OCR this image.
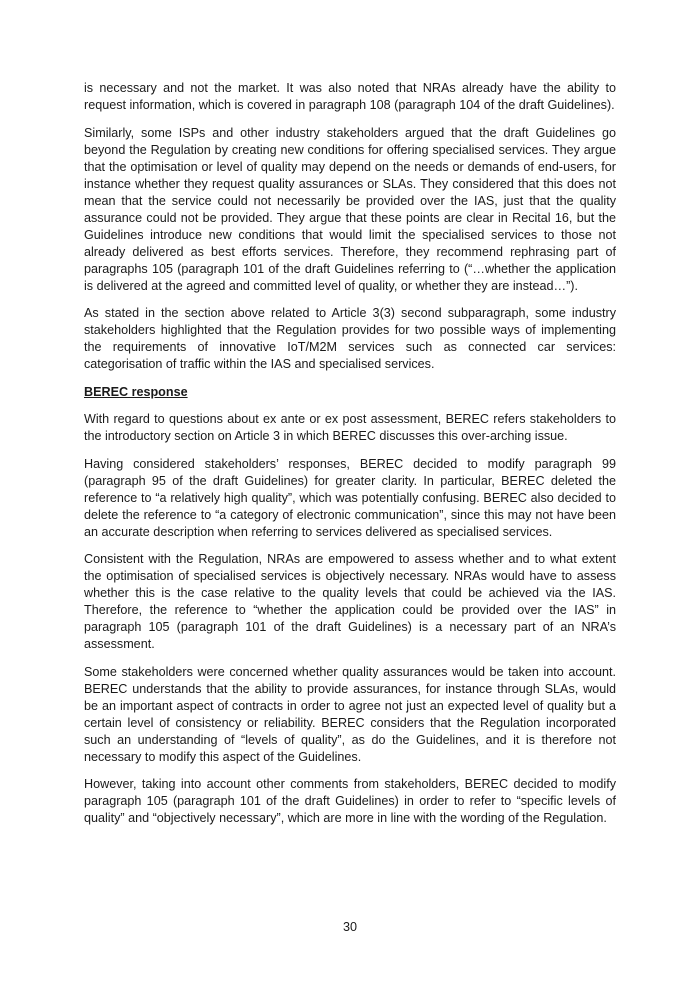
is necessary and not the market. It was also noted that NRAs already have the ability to request information, which is covered in paragraph 108 (paragraph 104 of the draft Guidelines).

Similarly, some ISPs and other industry stakeholders argued that the draft Guidelines go beyond the Regulation by creating new conditions for offering specialised services. They argue that the optimisation or level of quality may depend on the needs or demands of end-users, for instance whether they request quality assurances or SLAs. They considered that this does not mean that the service could not necessarily be provided over the IAS, just that the quality assurance could not be provided. They argue that these points are clear in Recital 16, but the Guidelines introduce new conditions that would limit the specialised services to those not already delivered as best efforts services. Therefore, they recommend rephrasing part of paragraphs 105 (paragraph 101 of the draft Guidelines referring to (“…whether the application is delivered at the agreed and committed level of quality, or whether they are instead…”).

As stated in the section above related to Article 3(3) second subparagraph, some industry stakeholders highlighted that the Regulation provides for two possible ways of implementing the requirements of innovative IoT/M2M services such as connected car services: categorisation of traffic within the IAS and specialised services.

BEREC response

With regard to questions about ex ante or ex post assessment, BEREC refers stakeholders to the introductory section on Article 3 in which BEREC discusses this over-arching issue.

Having considered stakeholders’ responses, BEREC decided to modify paragraph 99 (paragraph 95 of the draft Guidelines) for greater clarity. In particular, BEREC deleted the reference to “a relatively high quality”, which was potentially confusing. BEREC also decided to delete the reference to “a category of electronic communication”, since this may not have been an accurate description when referring to services delivered as specialised services.

Consistent with the Regulation, NRAs are empowered to assess whether and to what extent the optimisation of specialised services is objectively necessary. NRAs would have to assess whether this is the case relative to the quality levels that could be achieved via the IAS. Therefore, the reference to “whether the application could be provided over the IAS” in paragraph 105 (paragraph 101 of the draft Guidelines) is a necessary part of an NRA’s assessment.

Some stakeholders were concerned whether quality assurances would be taken into account. BEREC understands that the ability to provide assurances, for instance through SLAs, would be an important aspect of contracts in order to agree not just an expected level of quality but a certain level of consistency or reliability. BEREC considers that the Regulation incorporated such an understanding of “levels of quality”, as do the Guidelines, and it is therefore not necessary to modify this aspect of the Guidelines.

However, taking into account other comments from stakeholders, BEREC decided to modify paragraph 105 (paragraph 101 of the draft Guidelines) in order to refer to “specific levels of quality” and “objectively necessary”, which are more in line with the wording of the Regulation.

30
